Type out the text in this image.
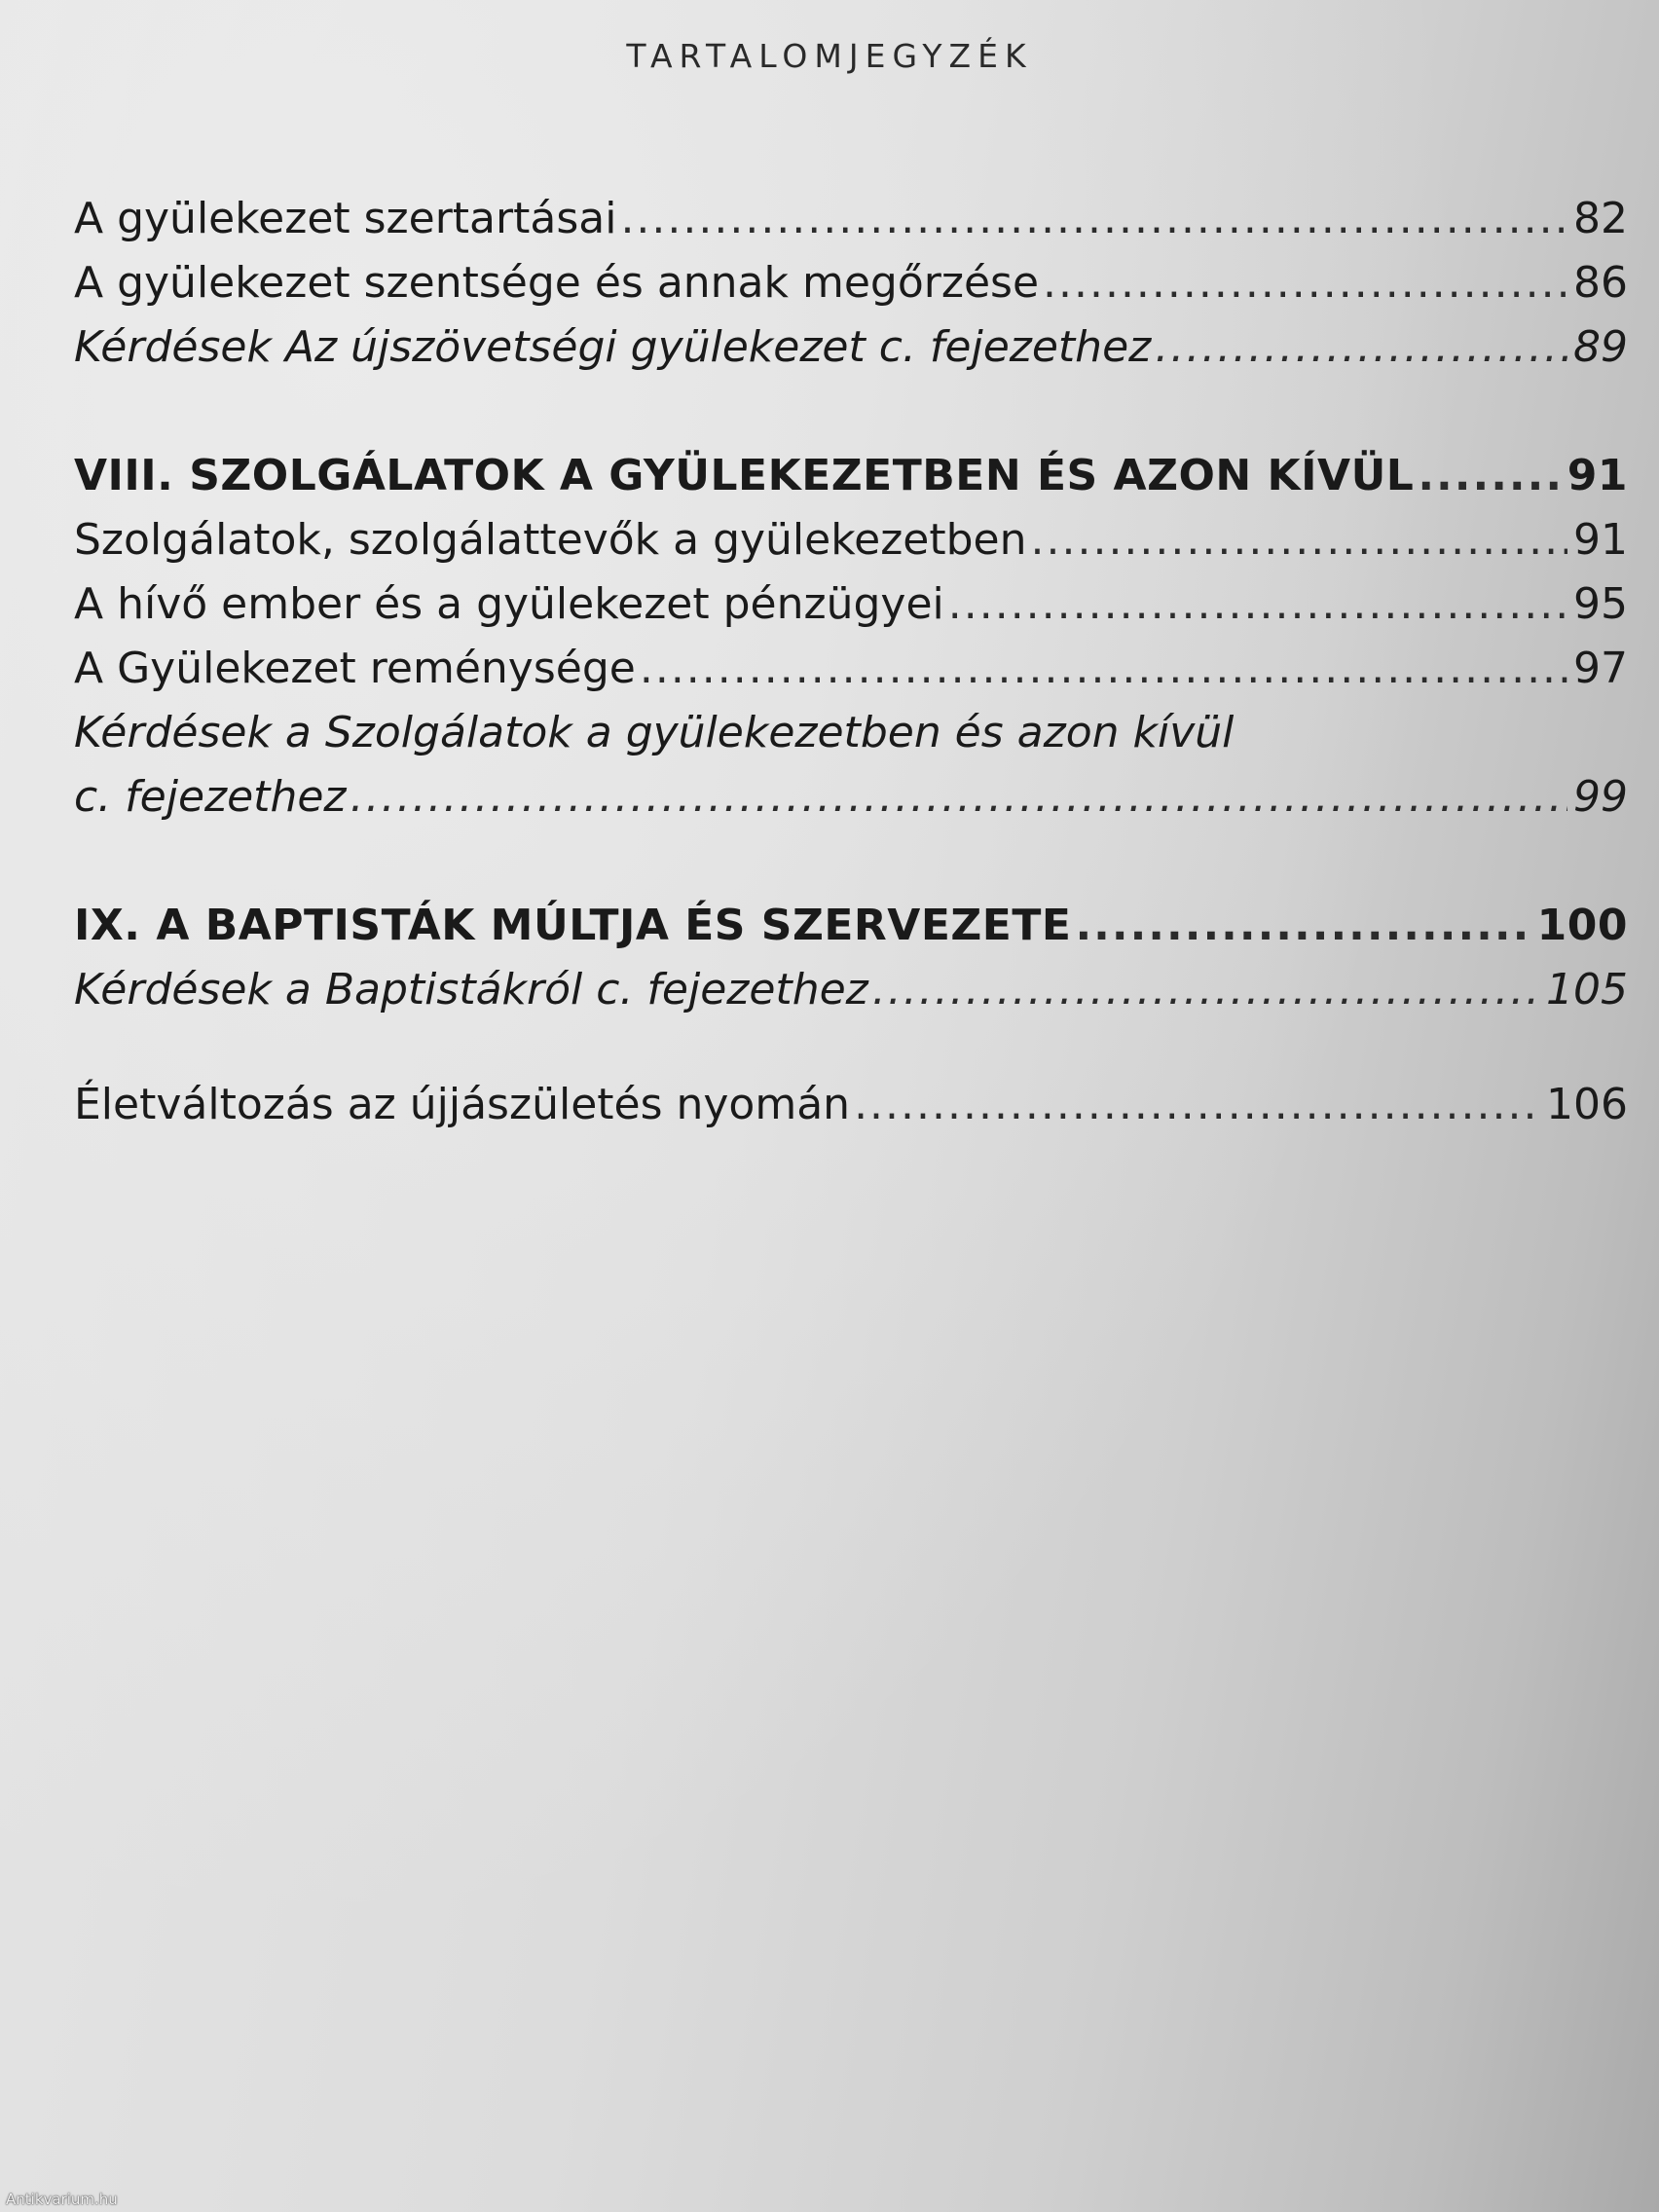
TARTALOMJEGYZÉK
A gyülekezet szertartásai .....	82
A gyülekezet szentsége és annak megőrzése .....	86
Kérdések Az újszövetségi gyülekezet c. fejezethez .....	89
VIII. SZOLGÁLATOK A GYÜLEKEZETBEN ÉS AZON KÍVÜL .....	91
Szolgálatok, szolgálattevők a gyülekezetben .....	91
A hívő ember és a gyülekezet pénzügyei .....	95
A Gyülekezet reménysége .....	97
Kérdések a Szolgálatok a gyülekezetben és azon kívül
c. fejezethez .....	99
IX. A BAPTISTÁK MÚLTJA ÉS SZERVEZETE .....	100
Kérdések a Baptistákról c. fejezethez .....	105
Életváltozás az újjászületés nyomán .....	106
Antikvarium.hu
